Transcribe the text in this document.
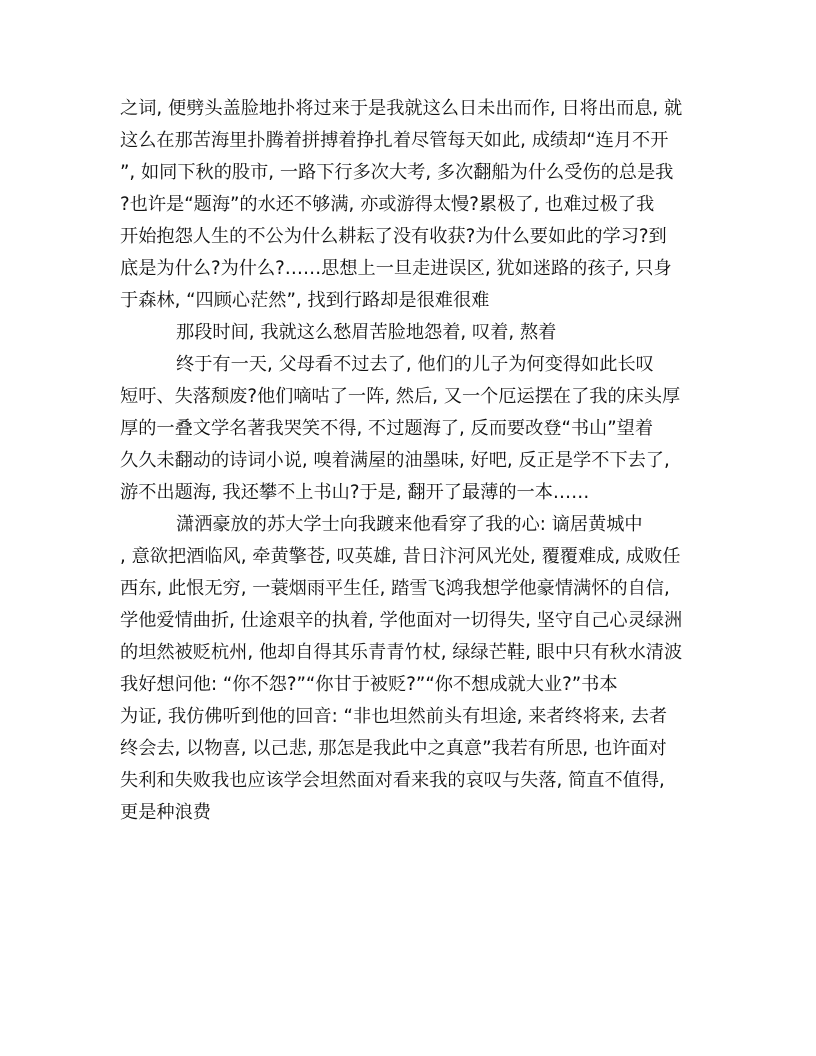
之词, 便劈头盖脸地扑将过来于是我就这么日未出而作, 日将出而息, 就
这么在那苦海里扑腾着拼搏着挣扎着尽管每天如此, 成绩却“连月不开
”, 如同下秋的股市, 一路下行多次大考, 多次翻船为什么受伤的总是我
?也许是“题海”的水还不够满, 亦或游得太慢?累极了, 也难过极了我
开始抱怨人生的不公为什么耕耘了没有收获?为什么要如此的学习?到
底是为什么?为什么?……思想上一旦走进误区, 犹如迷路的孩子, 只身
于森林, “四顾心茫然”, 找到行路却是很难很难
那段时间, 我就这么愁眉苦脸地怨着, 叹着, 熬着
终于有一天, 父母看不过去了, 他们的儿子为何变得如此长叹
短吁、失落颓废?他们嘀咕了一阵, 然后, 又一个厄运摆在了我的床头厚
厚的一叠文学名著我哭笑不得, 不过题海了, 反而要改登“书山”望着
久久未翻动的诗词小说, 嗅着满屋的油墨味, 好吧, 反正是学不下去了,
游不出题海, 我还攀不上书山?于是, 翻开了最薄的一本……
潇洒豪放的苏大学士向我踱来他看穿了我的心: 谪居黄城中
, 意欲把酒临风, 牵黄擎苍, 叹英雄, 昔日汴河风光处, 覆覆难成, 成败任
西东, 此恨无穷, 一蓑烟雨平生任, 踏雪飞鸿我想学他豪情满怀的自信,
学他爱情曲折, 仕途艰辛的执着, 学他面对一切得失, 坚守自己心灵绿洲
的坦然被贬杭州, 他却自得其乐青青竹杖, 绿绿芒鞋, 眼中只有秋水清波
我好想问他: “你不怨?”“你甘于被贬?”“你不想成就大业?”书本
为证, 我仿佛听到他的回音: “非也坦然前头有坦途, 来者终将来, 去者
终会去, 以物喜, 以己悲, 那怎是我此中之真意”我若有所思, 也许面对
失利和失败我也应该学会坦然面对看来我的哀叹与失落, 简直不值得,
更是种浪费
